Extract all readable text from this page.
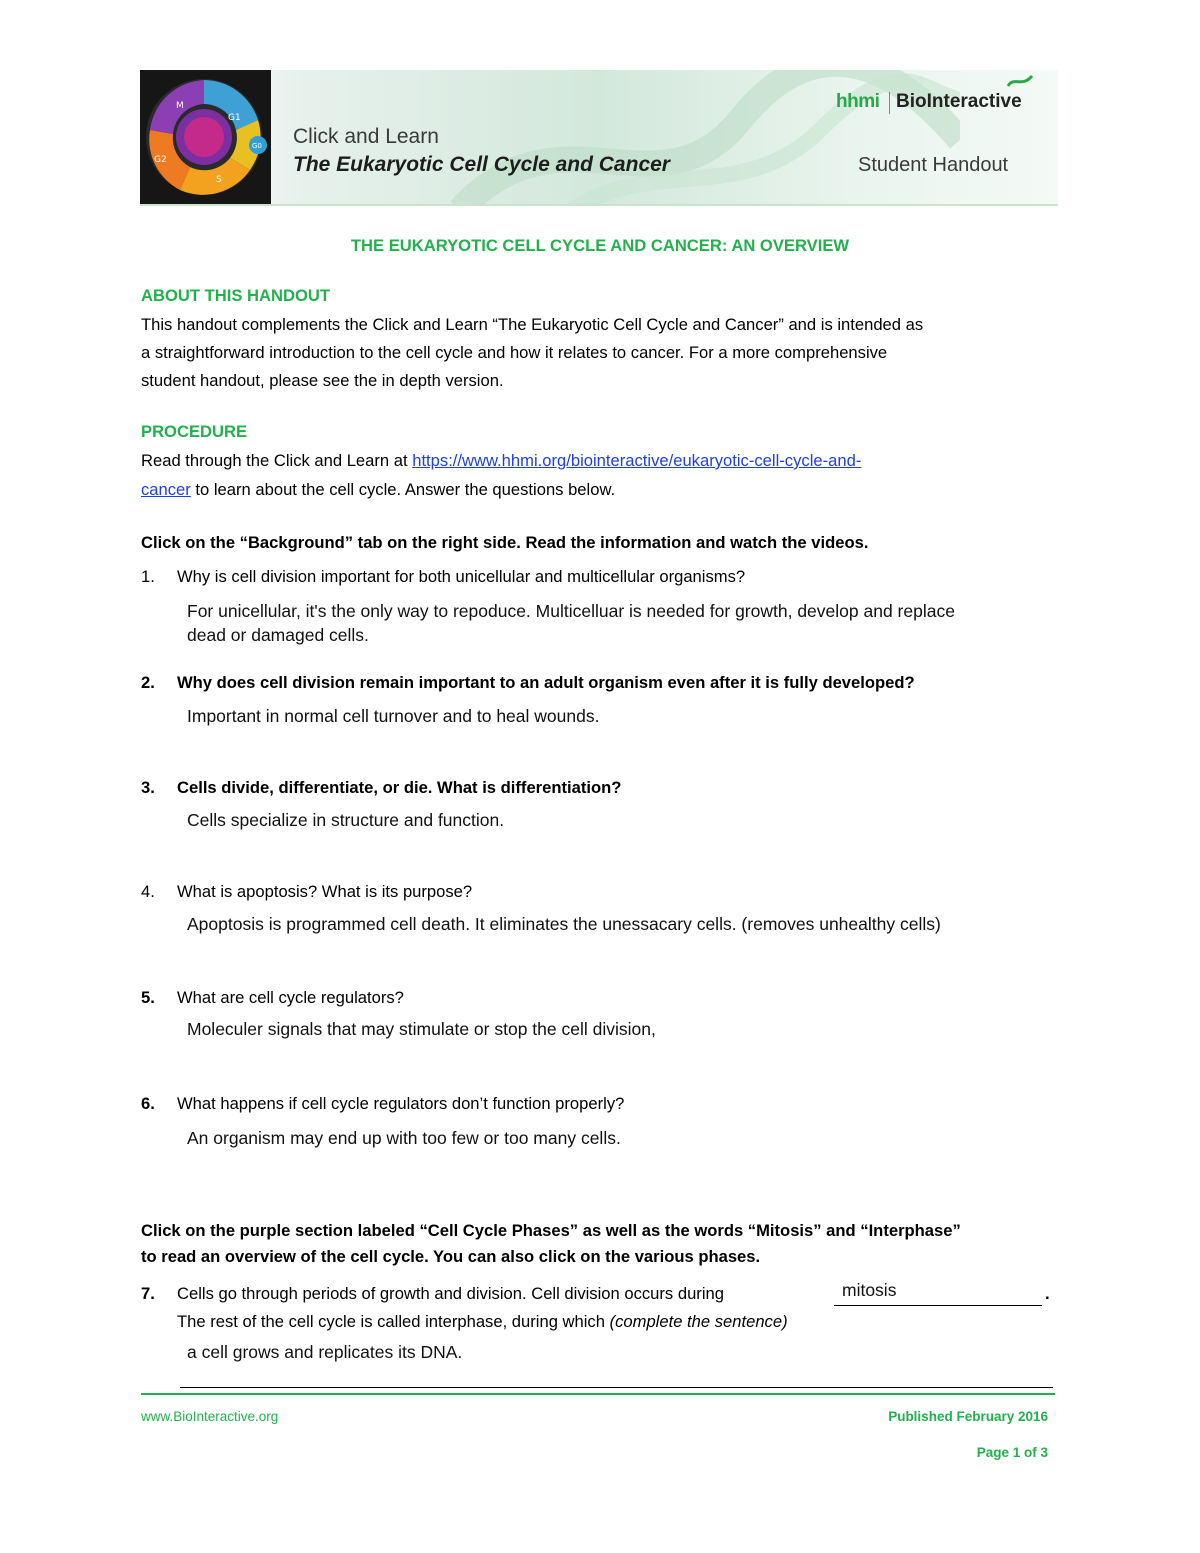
M
G1
G0
S
G2
Click and Learn
The Eukaryotic Cell Cycle and Cancer	Student Handout
hhmi BioInteractive
THE EUKARYOTIC CELL CYCLE AND CANCER: AN OVERVIEW
ABOUT THIS HANDOUT
This handout complements the Click and Learn “The Eukaryotic Cell Cycle and Cancer” and is intended as
a straightforward introduction to the cell cycle and how it relates to cancer. For a more comprehensive
student handout, please see the in depth version.
PROCEDURE
Read through the Click and Learn at https://www.hhmi.org/biointeractive/eukaryotic-cell-cycle-and-
cancer to learn about the cell cycle. Answer the questions below.
Click on the “Background” tab on the right side. Read the information and watch the videos.
1. Why is cell division important for both unicellular and multicellular organisms?
For unicellular, it's the only way to repoduce. Multicelluar is needed for growth, develop and replace
dead or damaged cells.
2. Why does cell division remain important to an adult organism even after it is fully developed?
Important in normal cell turnover and to heal wounds.
3. Cells divide, differentiate, or die. What is differentiation?
Cells specialize in structure and function.
4. What is apoptosis? What is its purpose?
Apoptosis is programmed cell death. It eliminates the unessacary cells. (removes unhealthy cells)
5. What are cell cycle regulators?
Moleculer signals that may stimulate or stop the cell division,
6. What happens if cell cycle regulators don’t function properly?
An organism may end up with too few or too many cells.
Click on the purple section labeled “Cell Cycle Phases” as well as the words “Mitosis” and “Interphase”
to read an overview of the cell cycle. You can also click on the various phases.
7. Cells go through periods of growth and division. Cell division occurs during	mitosis	.
The rest of the cell cycle is called interphase, during which (complete the sentence)
a cell grows and replicates its DNA.
www.BioInteractive.org	Published February 2016
Page 1 of 3
